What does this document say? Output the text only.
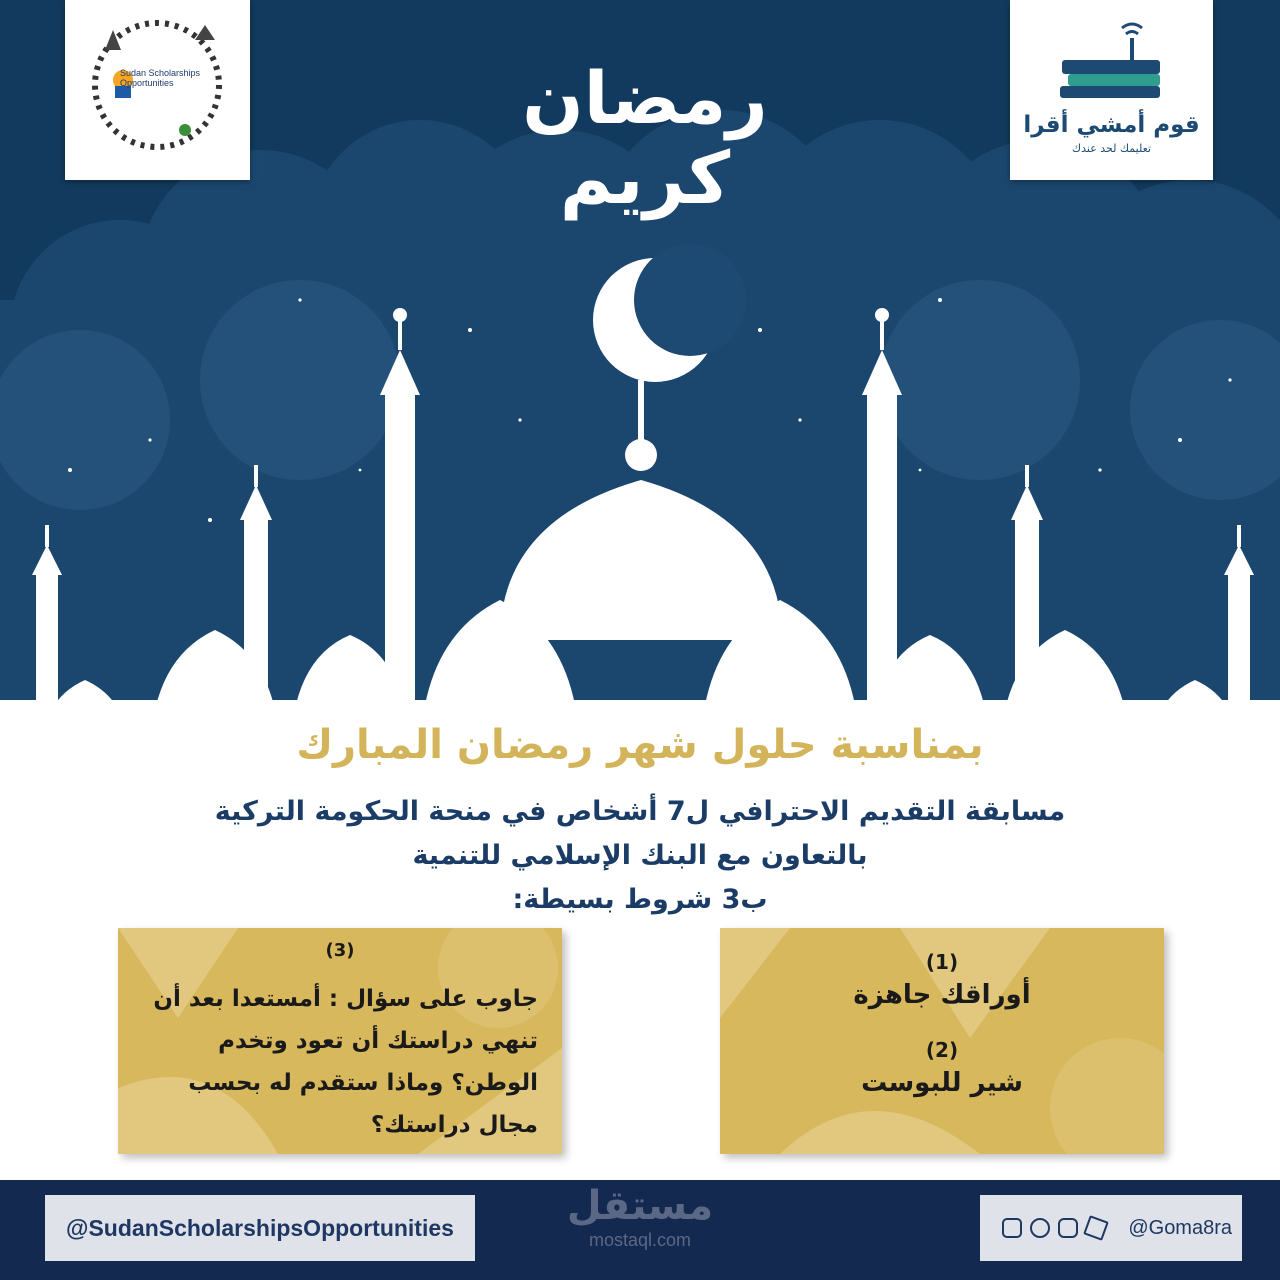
Sudan Scholarships Opportunities
قوم أمشي أقرا
تعليمك لحد عندك
رمضان
كريم
بمناسبة حلول شهر رمضان المبارك
مسابقة التقديم الاحترافي ل7 أشخاص في منحة الحكومة التركية
بالتعاون مع البنك الإسلامي للتنمية
ب3 شروط بسيطة:
(3)
جاوب على سؤال : أمستعدا بعد أن تنهي دراستك أن تعود وتخدم الوطن؟ وماذا ستقدم له بحسب مجال دراستك؟
(1)
أوراقك جاهزة
(2)
شير للبوست
@SudanScholarshipsOpportunities	مستقل
mostaql.com
@Goma8ra
